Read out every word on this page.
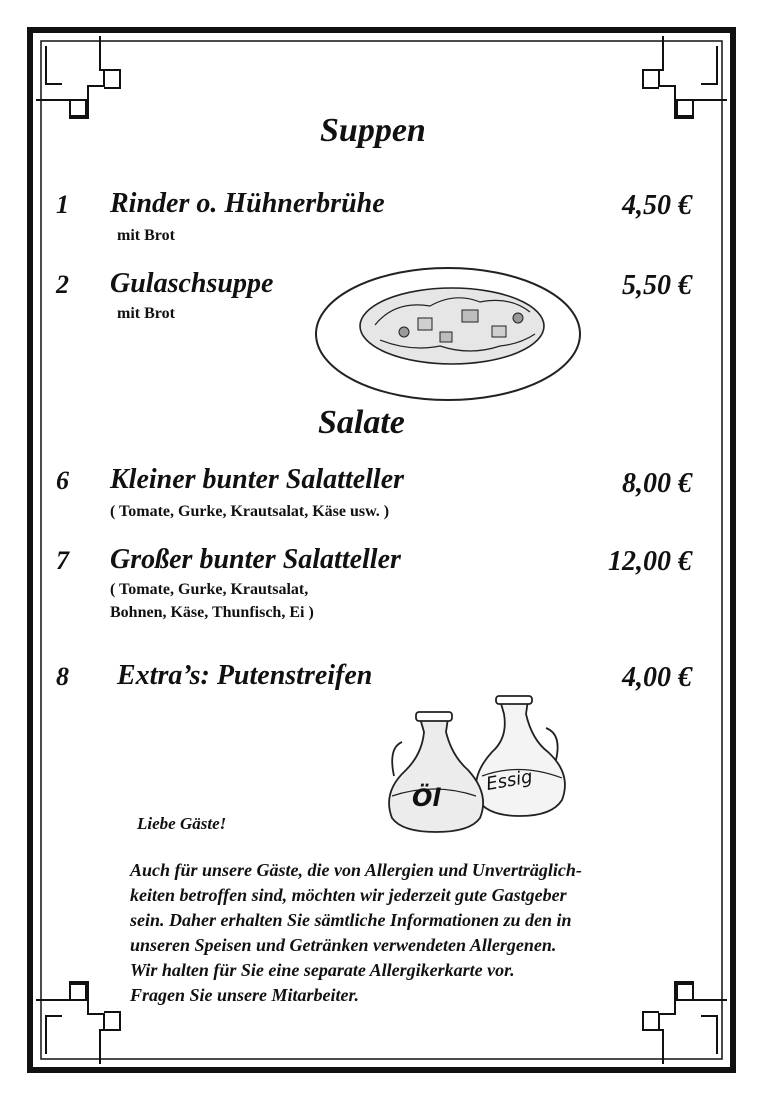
Öl
Essig
Suppen
1 Rinder o. Hühnerbrühe
mit Brot
4,50 €
2 Gulaschsuppe
mit Brot
5,50 €
Salate
6 Kleiner bunter Salatteller
( Tomate, Gurke, Krautsalat, Käse usw. )
8,00 €
7 Großer bunter Salatteller
( Tomate, Gurke, Krautsalat,
Bohnen, Käse, Thunfisch, Ei )
12,00 €
8 Extra’s: Putenstreifen	4,00 €
Liebe Gäste!
Auch für unsere Gäste, die von Allergien und Unverträglich-
keiten betroffen sind, möchten wir jederzeit gute Gastgeber
sein. Daher erhalten Sie sämtliche Informationen zu den in
unseren Speisen und Getränken verwendeten Allergenen.
Wir halten für Sie eine separate Allergikerkarte vor.
Fragen Sie unsere Mitarbeiter.
